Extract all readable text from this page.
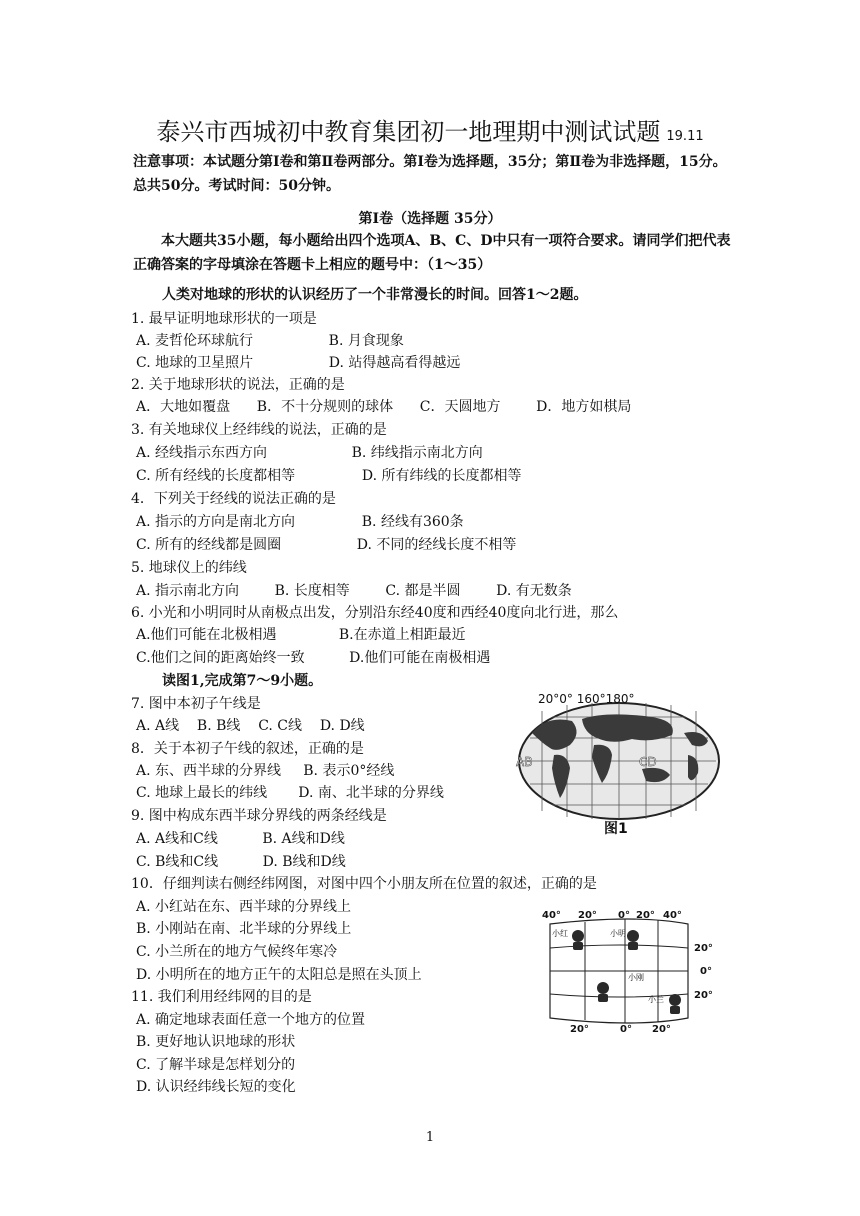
泰兴市西城初中教育集团初一地理期中测试试题 19.11
注意事项：本试题分第Ⅰ卷和第Ⅱ卷两部分。第Ⅰ卷为选择题，35分；第Ⅱ卷为非选择题，15分。总共50分。考试时间：50分钟。
第Ⅰ卷（选择题 35分）
本大题共35小题，每小题给出四个选项A、B、C、D中只有一项符合要求。请同学们把代表正确答案的字母填涂在答题卡上相应的题号中：（1～35）
人类对地球的形状的认识经历了一个非常漫长的时间。回答1～2题。
1. 最早证明地球形状的一项是
A. 麦哲伦环球航行                 B. 月食现象
C. 地球的卫星照片                 D. 站得越高看得越远
2. 关于地球形状的说法，正确的是
A．大地如覆盘      B．不十分规则的球体      C．天圆地方        D．地方如棋局
3. 有关地球仪上经纬线的说法，正确的是
A. 经线指示东西方向                   B. 纬线指示南北方向
C. 所有经线的长度都相等               D. 所有纬线的长度都相等
4．下列关于经线的说法正确的是
A. 指示的方向是南北方向               B. 经线有360条
C. 所有的经线都是圆圈                 D. 不同的经线长度不相等
5. 地球仪上的纬线
A. 指示南北方向        B. 长度相等        C. 都是半圆        D. 有无数条
6. 小光和小明同时从南极点出发，分别沿东经40度和西经40度向北行进，那么
A.他们可能在北极相遇              B.在赤道上相距最近
C.他们之间的距离始终一致          D.他们可能在南极相遇
读图1,完成第7～9小题。
7. 图中本初子午线是
A. A线    B. B线    C. C线    D. D线
8．关于本初子午线的叙述，正确的是
A. 东、西半球的分界线     B. 表示0°经线
C. 地球上最长的纬线       D. 南、北半球的分界线
9. 图中构成东西半球分界线的两条经线是
A. A线和C线          B. A线和D线
C. B线和C线          D. B线和D线
10．仔细判读右侧经纬网图，对图中四个小朋友所在位置的叙述，正确的是
A. 小红站在东、西半球的分界线上
B. 小刚站在南、北半球的分界线上
C. 小兰所在的地方气候终年寒冷
D. 小明所在的地方正午的太阳总是照在头顶上
11. 我们利用经纬网的目的是
A. 确定地球表面任意一个地方的位置
B. 更好地认识地球的形状
C. 了解半球是怎样划分的
D. 认识经纬线长短的变化
20°0° 160°180°
AB	CD
图1
40° 20° 0° 20° 40°
20°
0°
20°
20°	0° 20°
小红	小明
小刚
小兰
1
